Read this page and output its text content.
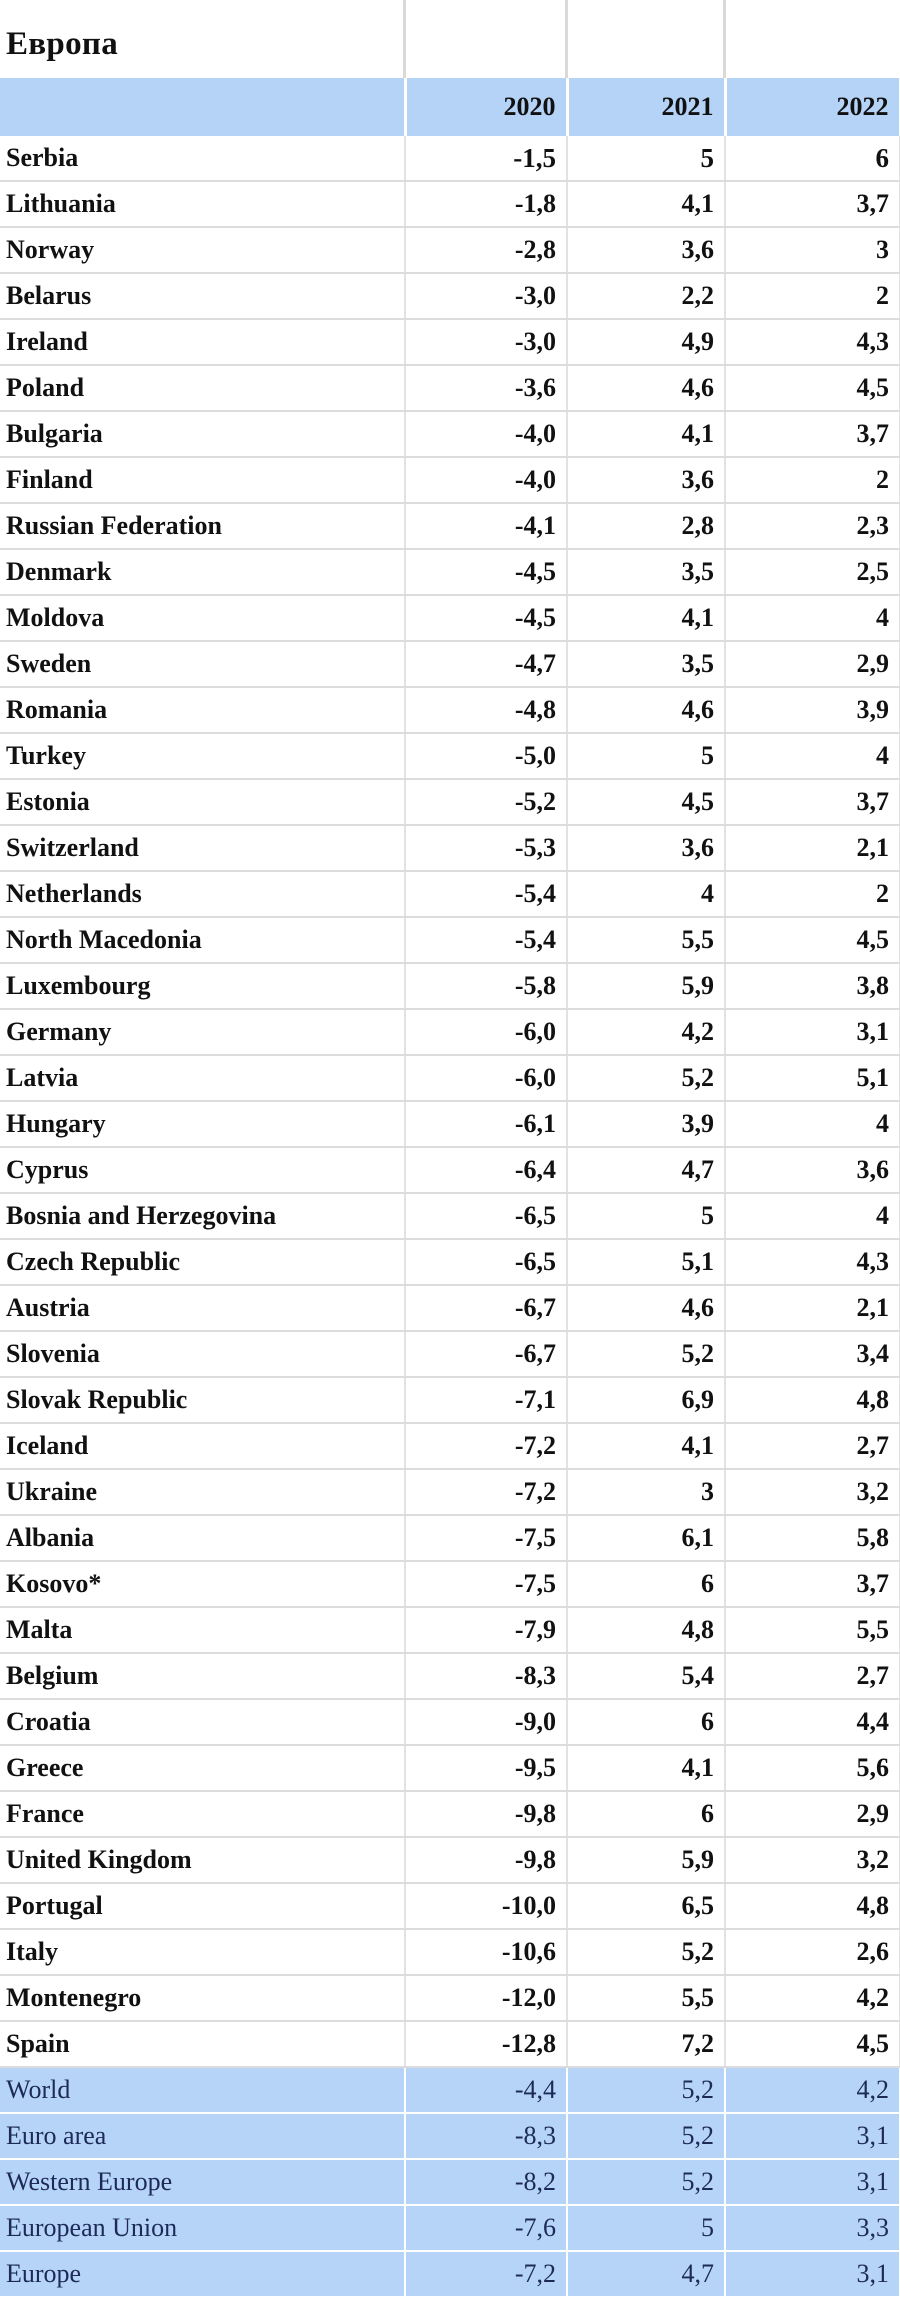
Европа
	2020	2021	2022
Serbia	-1,5	5	6
Lithuania	-1,8	4,1	3,7
Norway	-2,8	3,6	3
Belarus	-3,0	2,2	2
Ireland	-3,0	4,9	4,3
Poland	-3,6	4,6	4,5
Bulgaria	-4,0	4,1	3,7
Finland	-4,0	3,6	2
Russian Federation	-4,1	2,8	2,3
Denmark	-4,5	3,5	2,5
Moldova	-4,5	4,1	4
Sweden	-4,7	3,5	2,9
Romania	-4,8	4,6	3,9
Turkey	-5,0	5	4
Estonia	-5,2	4,5	3,7
Switzerland	-5,3	3,6	2,1
Netherlands	-5,4	4	2
North Macedonia	-5,4	5,5	4,5
Luxembourg	-5,8	5,9	3,8
Germany	-6,0	4,2	3,1
Latvia	-6,0	5,2	5,1
Hungary	-6,1	3,9	4
Cyprus	-6,4	4,7	3,6
Bosnia and Herzegovina	-6,5	5	4
Czech Republic	-6,5	5,1	4,3
Austria	-6,7	4,6	2,1
Slovenia	-6,7	5,2	3,4
Slovak Republic	-7,1	6,9	4,8
Iceland	-7,2	4,1	2,7
Ukraine	-7,2	3	3,2
Albania	-7,5	6,1	5,8
Kosovo*	-7,5	6	3,7
Malta	-7,9	4,8	5,5
Belgium	-8,3	5,4	2,7
Croatia	-9,0	6	4,4
Greece	-9,5	4,1	5,6
France	-9,8	6	2,9
United Kingdom	-9,8	5,9	3,2
Portugal	-10,0	6,5	4,8
Italy	-10,6	5,2	2,6
Montenegro	-12,0	5,5	4,2
Spain	-12,8	7,2	4,5
World	-4,4	5,2	4,2
Euro area	-8,3	5,2	3,1
Western Europe	-8,2	5,2	3,1
European Union	-7,6	5	3,3
Europe	-7,2	4,7	3,1
